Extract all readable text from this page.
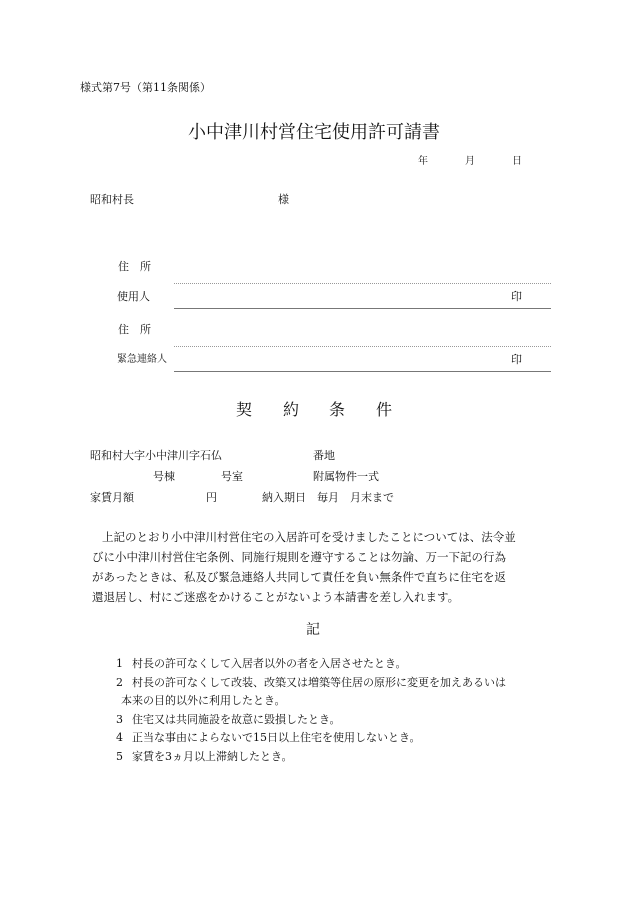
様式第7号（第11条関係）
小中津川村営住宅使用許可請書
年	月	日
昭和村長	様
住　所
使用人	印
住　所
緊急連絡人	印
契 約 条 件
昭和村大字小中津川字石仏	番地
号棟	号室	附属物件一式
家賃月額	円	納入期日　毎月　月末まで
上記のとおり小中津川村営住宅の入居許可を受けましたことについては、法令並
びに小中津川村営住宅条例、同施行規則を遵守することは勿論、万一下記の行為
があったときは、私及び緊急連絡人共同して責任を負い無条件で直ちに住宅を返
還退居し、村にご迷惑をかけることがないよう本請書を差し入れます。
記
1 村長の許可なくして入居者以外の者を入居させたとき。
2 村長の許可なくして改装、改築又は増築等住居の原形に変更を加えあるいは
本来の目的以外に利用したとき。
3 住宅又は共同施設を故意に毀損したとき。
4 正当な事由によらないで15日以上住宅を使用しないとき。
5 家賃を3ヵ月以上滞納したとき。
